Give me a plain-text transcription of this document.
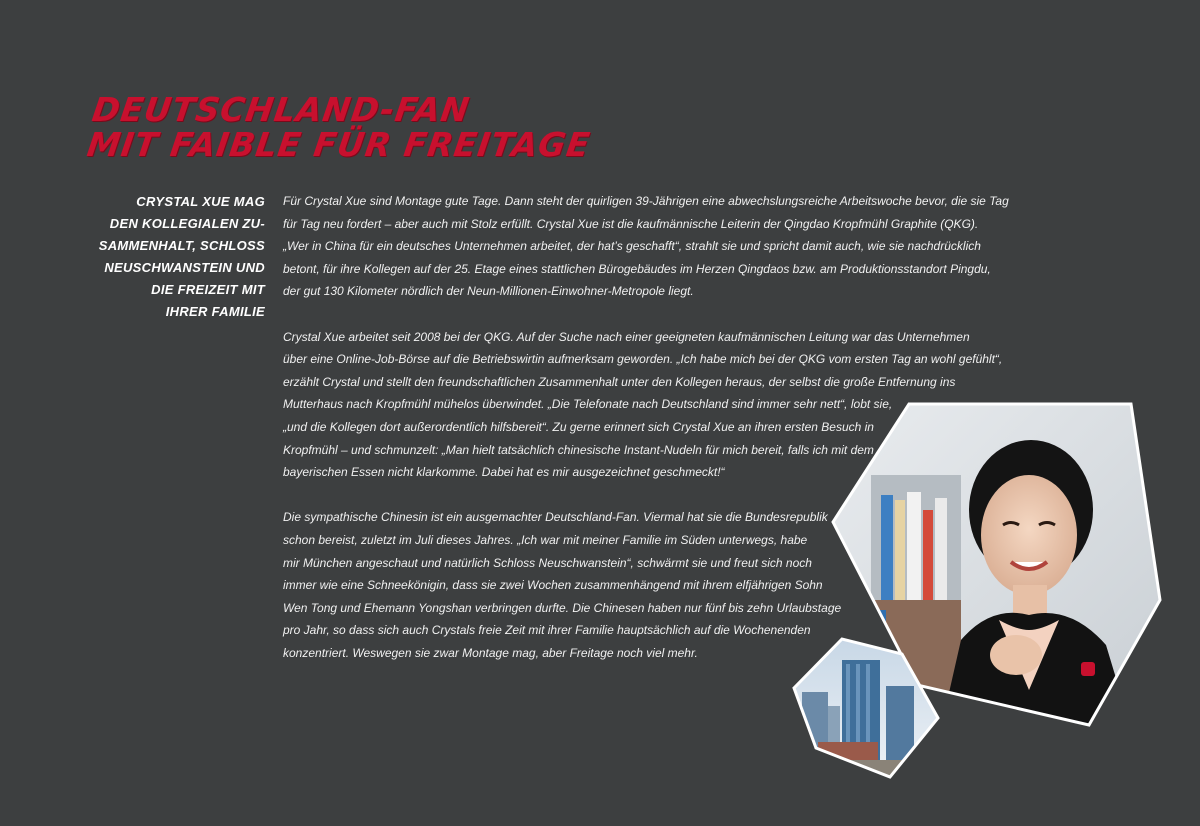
DEUTSCHLAND-FAN
MIT FAIBLE FÜR FREITAGE
CRYSTAL XUE MAG
DEN KOLLEGIALEN ZU-
SAMMENHALT, SCHLOSS
NEUSCHWANSTEIN UND
DIE FREIZEIT MIT
IHRER FAMILIE
Für Crystal Xue sind Montage gute Tage. Dann steht der quirligen 39-Jährigen eine abwechslungsreiche Arbeitswoche bevor, die sie Tag
für Tag neu fordert – aber auch mit Stolz erfüllt. Crystal Xue ist die kaufmännische Leiterin der Qingdao Kropfmühl Graphite (QKG).
„Wer in China für ein deutsches Unternehmen arbeitet, der hat’s geschafft“, strahlt sie und spricht damit auch, wie sie nachdrücklich
betont, für ihre Kollegen auf der 25. Etage eines stattlichen Bürogebäudes im Herzen Qingdaos bzw. am Produktionsstandort Pingdu,
der gut 130 Kilometer nördlich der Neun-Millionen-Einwohner-Metropole liegt.
Crystal Xue arbeitet seit 2008 bei der QKG. Auf der Suche nach einer geeigneten kaufmännischen Leitung war das Unternehmen
über eine Online-Job-Börse auf die Betriebswirtin aufmerksam geworden. „Ich habe mich bei der QKG vom ersten Tag an wohl gefühlt“,
erzählt Crystal und stellt den freundschaftlichen Zusammenhalt unter den Kollegen heraus, der selbst die große Entfernung ins
Mutterhaus nach Kropfmühl mühelos überwindet. „Die Telefonate nach Deutschland sind immer sehr nett“, lobt sie,
„und die Kollegen dort außerordentlich hilfsbereit“. Zu gerne erinnert sich Crystal Xue an ihren ersten Besuch in
Kropfmühl – und schmunzelt: „Man hielt tatsächlich chinesische Instant-Nudeln für mich bereit, falls ich mit dem
bayerischen Essen nicht klarkomme. Dabei hat es mir ausgezeichnet geschmeckt!“
Die sympathische Chinesin ist ein ausgemachter Deutschland-Fan. Viermal hat sie die Bundesrepublik
schon bereist, zuletzt im Juli dieses Jahres. „Ich war mit meiner Familie im Süden unterwegs, habe
mir München angeschaut und natürlich Schloss Neuschwanstein“, schwärmt sie und freut sich noch
immer wie eine Schneekönigin, dass sie zwei Wochen zusammenhängend mit ihrem elfjährigen Sohn
Wen Tong und Ehemann Yongshan verbringen durfte. Die Chinesen haben nur fünf bis zehn Urlaubstage
pro Jahr, so dass sich auch Crystals freie Zeit mit ihrer Familie hauptsächlich auf die Wochenenden
konzentriert. Weswegen sie zwar Montage mag, aber Freitage noch viel mehr.
